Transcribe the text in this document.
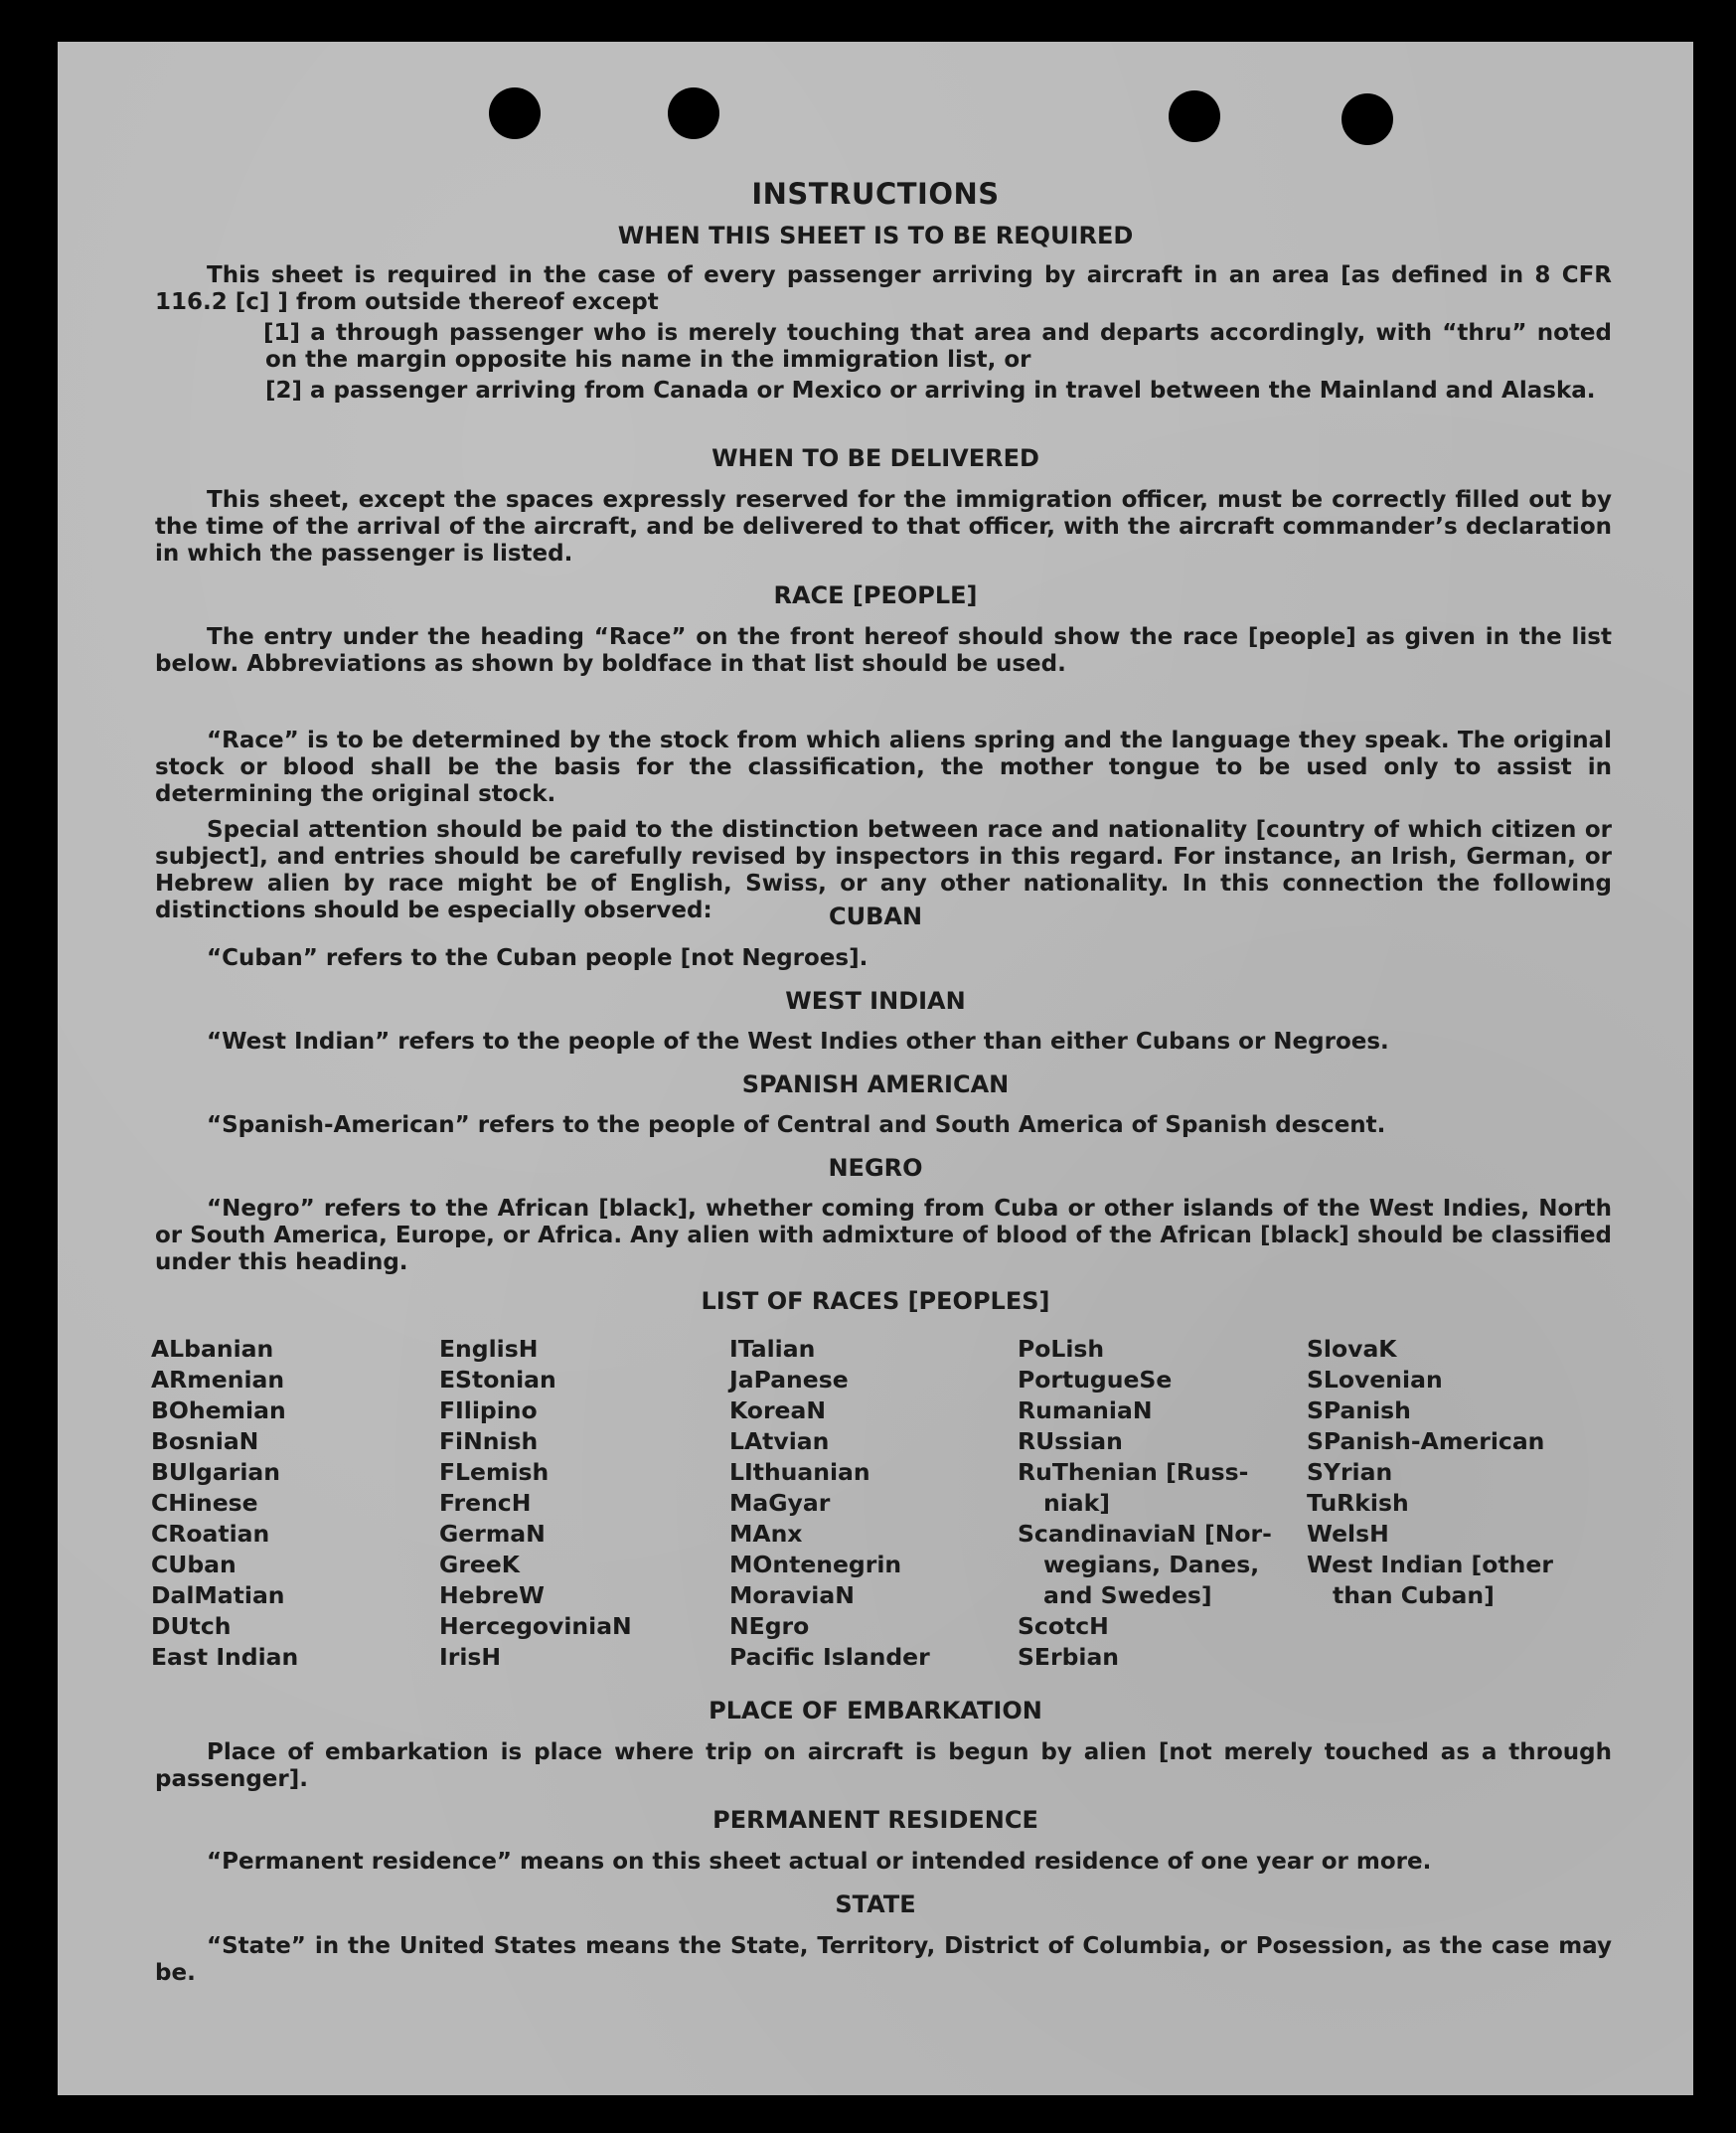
INSTRUCTIONS
WHEN THIS SHEET IS TO BE REQUIRED
This sheet is required in the case of every passenger arriving by aircraft in an area [as defined in 8 CFR 116.2 [c] ] from outside thereof except
[1] a through passenger who is merely touching that area and departs accordingly, with “thru” noted on the margin opposite his name in the immigration list, or
[2] a passenger arriving from Canada or Mexico or arriving in travel between the Mainland and Alaska.
WHEN TO BE DELIVERED
This sheet, except the spaces expressly reserved for the immigration officer, must be correctly filled out by the time of the arrival of the aircraft, and be delivered to that officer, with the aircraft commander’s declaration in which the passenger is listed.
RACE [PEOPLE]
The entry under the heading “Race” on the front hereof should show the race [people] as given in the list below. Abbreviations as shown by boldface in that list should be used.
“Race” is to be determined by the stock from which aliens spring and the language they speak. The original stock or blood shall be the basis for the classification, the mother tongue to be used only to assist in determining the original stock.
Special attention should be paid to the distinction between race and nationality [country of which citizen or subject], and entries should be carefully revised by inspectors in this regard. For instance, an Irish, German, or Hebrew alien by race might be of English, Swiss, or any other nationality. In this connection the following distinctions should be especially observed:	CUBAN
“Cuban” refers to the Cuban people [not Negroes].
WEST INDIAN
“West Indian” refers to the people of the West Indies other than either Cubans or Negroes.
SPANISH AMERICAN
“Spanish-American” refers to the people of Central and South America of Spanish descent.
NEGRO
“Negro” refers to the African [black], whether coming from Cuba or other islands of the West Indies, North or South America, Europe, or Africa. Any alien with admixture of blood of the African [black] should be classified under this heading.
LIST OF RACES [PEOPLES]
ALbanian
ARmenian
BOhemian
BosniaN
BUlgarian
CHinese
CRoatian
CUban
DalMatian
DUtch
East Indian
EnglisH
EStonian
FIlipino
FiNnish
FLemish
FrencH
GermaN
GreeK
HebreW
HercegoviniaN
IrisH
ITalian
JaPanese
KoreaN
LAtvian
LIthuanian
MaGyar
MAnx
MOntenegrin
MoraviaN
NEgro
Pacific Islander
PoLish
PortugueSe
RumaniaN
RUssian
RuThenian [Russ-
niak]
ScandinaviaN [Nor-
wegians, Danes,
and Swedes]
ScotcH
SErbian
SlovaK
SLovenian
SPanish
SPanish-American
SYrian
TuRkish
WelsH
West Indian [other
than Cuban]
PLACE OF EMBARKATION
Place of embarkation is place where trip on aircraft is begun by alien [not merely touched as a through passenger].
PERMANENT RESIDENCE
“Permanent residence” means on this sheet actual or intended residence of one year or more.
STATE
“State” in the United States means the State, Territory, District of Columbia, or Posession, as the case may be.
